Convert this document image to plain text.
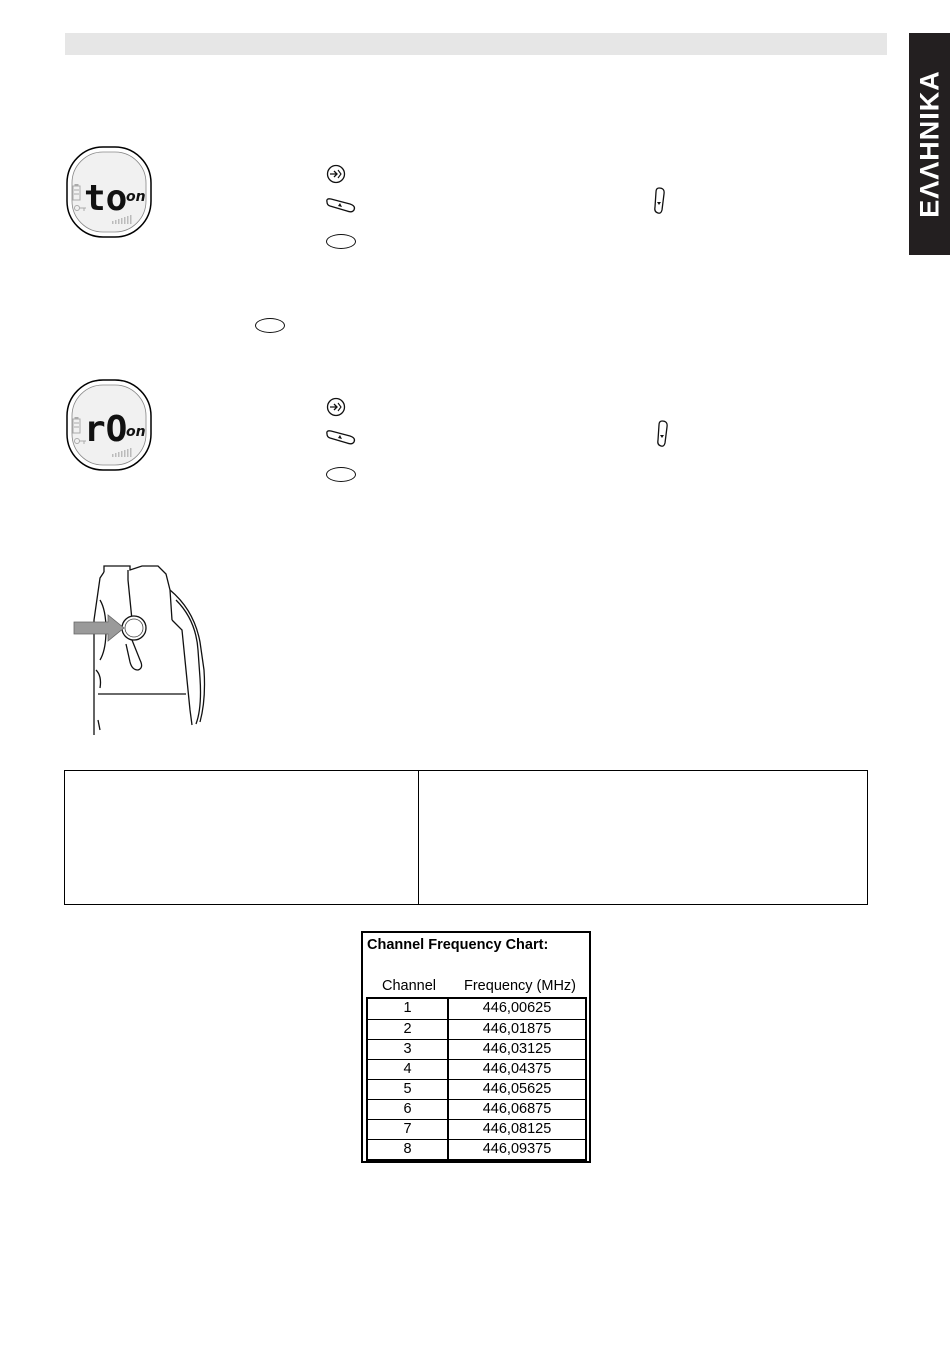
ΕΛΛΗΝΙΚΑ
to
on
rO
on
Channel Frequency Chart:
Channel	Frequency (MHz)
1	446,00625
2	446,01875
3	446,03125
4	446,04375
5	446,05625
6	446,06875
7	446,08125
8	446,09375
